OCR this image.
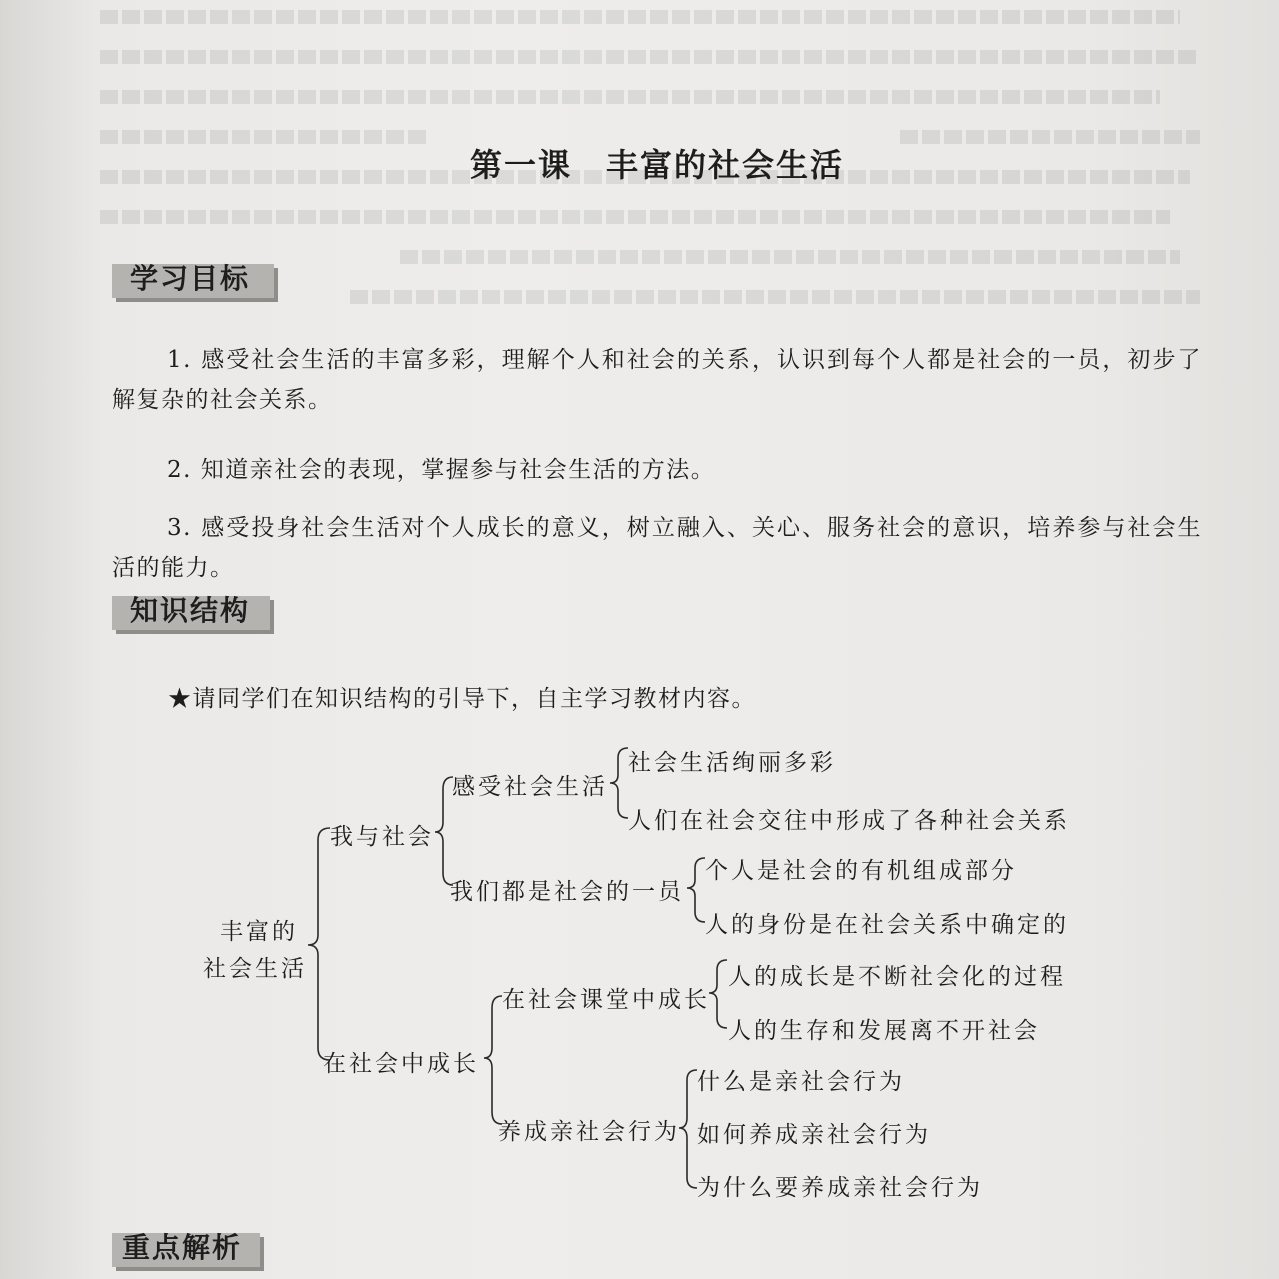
第一课　丰富的社会生活
学习目标

1. 感受社会生活的丰富多彩，理解个人和社会的关系，认识到每个人都是社会的一员，初步了解复杂的社会关系。

2. 知道亲社会的表现，掌握参与社会生活的方法。

3. 感受投身社会生活对个人成长的意义，树立融入、关心、服务社会的意识，培养参与社会生活的能力。

知识结构

★请同学们在知识结构的引导下，自主学习教材内容。

丰富的

社会生活

我与社会

感受社会生活

社会生活绚丽多彩

人们在社会交往中形成了各种社会关系

我们都是社会的一员

个人是社会的有机组成部分

人的身份是在社会关系中确定的

在社会中成长

在社会课堂中成长

人的成长是不断社会化的过程

人的生存和发展离不开社会

养成亲社会行为

什么是亲社会行为

如何养成亲社会行为

为什么要养成亲社会行为

重点解析
